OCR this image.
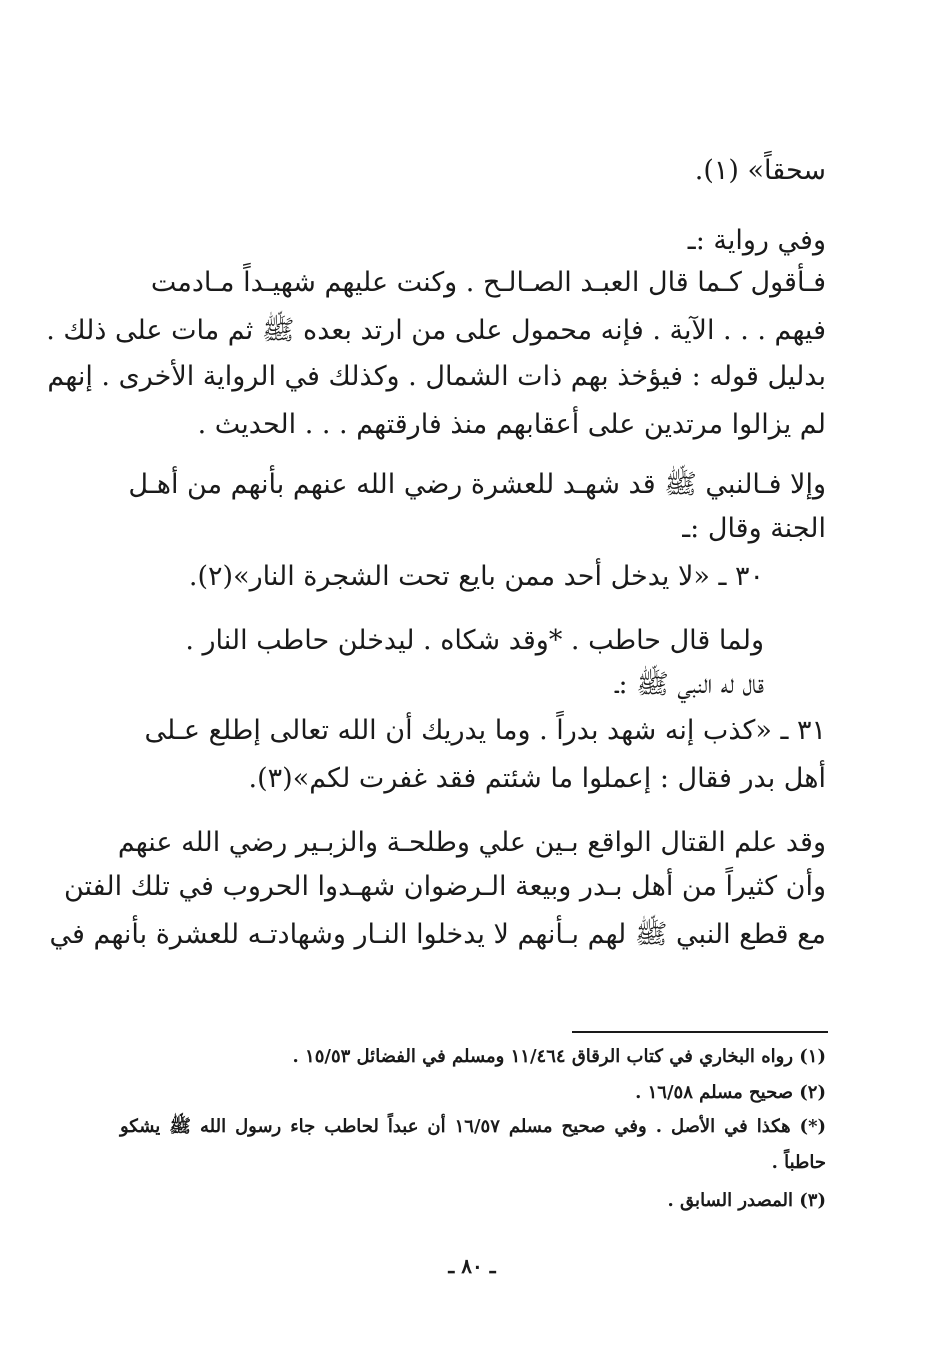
سحقاً» (١).
وفي رواية :ـ
فـأقول كـما قال العبـد الصـالـح . وكنت عليهم شهيـداً مـادمت
فيهم . . . الآية . فإنه محمول على من ارتد بعده ﷺ ثم مات على ذلك .
بدليل قوله : فيؤخذ بهم ذات الشمال . وكذلك في الرواية الأخرى . إنهم
لم يزالوا مرتدين على أعقابهم منذ فارقتهم . . . الحديث .
وإلا فـالنبي ﷺ قد شهـد للعشرة رضي الله عنهم بأنهم من أهـل
الجنة وقال :ـ
٣٠ ـ «لا يدخل أحد ممن بايع تحت الشجرة النار»(٢).
ولما قال حاطب . *وقد شكاه . ليدخلن حاطب النار .
قال له النبي ﷺ :ـ
٣١ ـ «كذب إنه شهد بدراً . وما يدريك أن الله تعالى إطلع عـلى
أهل بدر فقال : إعملوا ما شئتم فقد غفرت لكم»(٣).
وقد علم القتال الواقع بـين علي وطلحـة والزبـير رضي الله عنهم
وأن كثيراً من أهل بـدر وبيعة الـرضوان شهـدوا الحروب في تلك الفتن
مع قطع النبي ﷺ لهم بـأنهم لا يدخلوا النـار وشهادتـه للعشرة بأنهم في
(١) رواه البخاري في كتاب الرقاق ١١/٤٦٤ ومسلم في الفضائل ١٥/٥٣ .
(٢) صحيح مسلم ١٦/٥٨ .
(*) هكذا في الأصل . وفي صحيح مسلم ١٦/٥٧ أن عبداً لحاطب جاء رسول الله ﷺ يشكو
حاطباً .
(٣) المصدر السابق .
ـ ٨٠ ـ
